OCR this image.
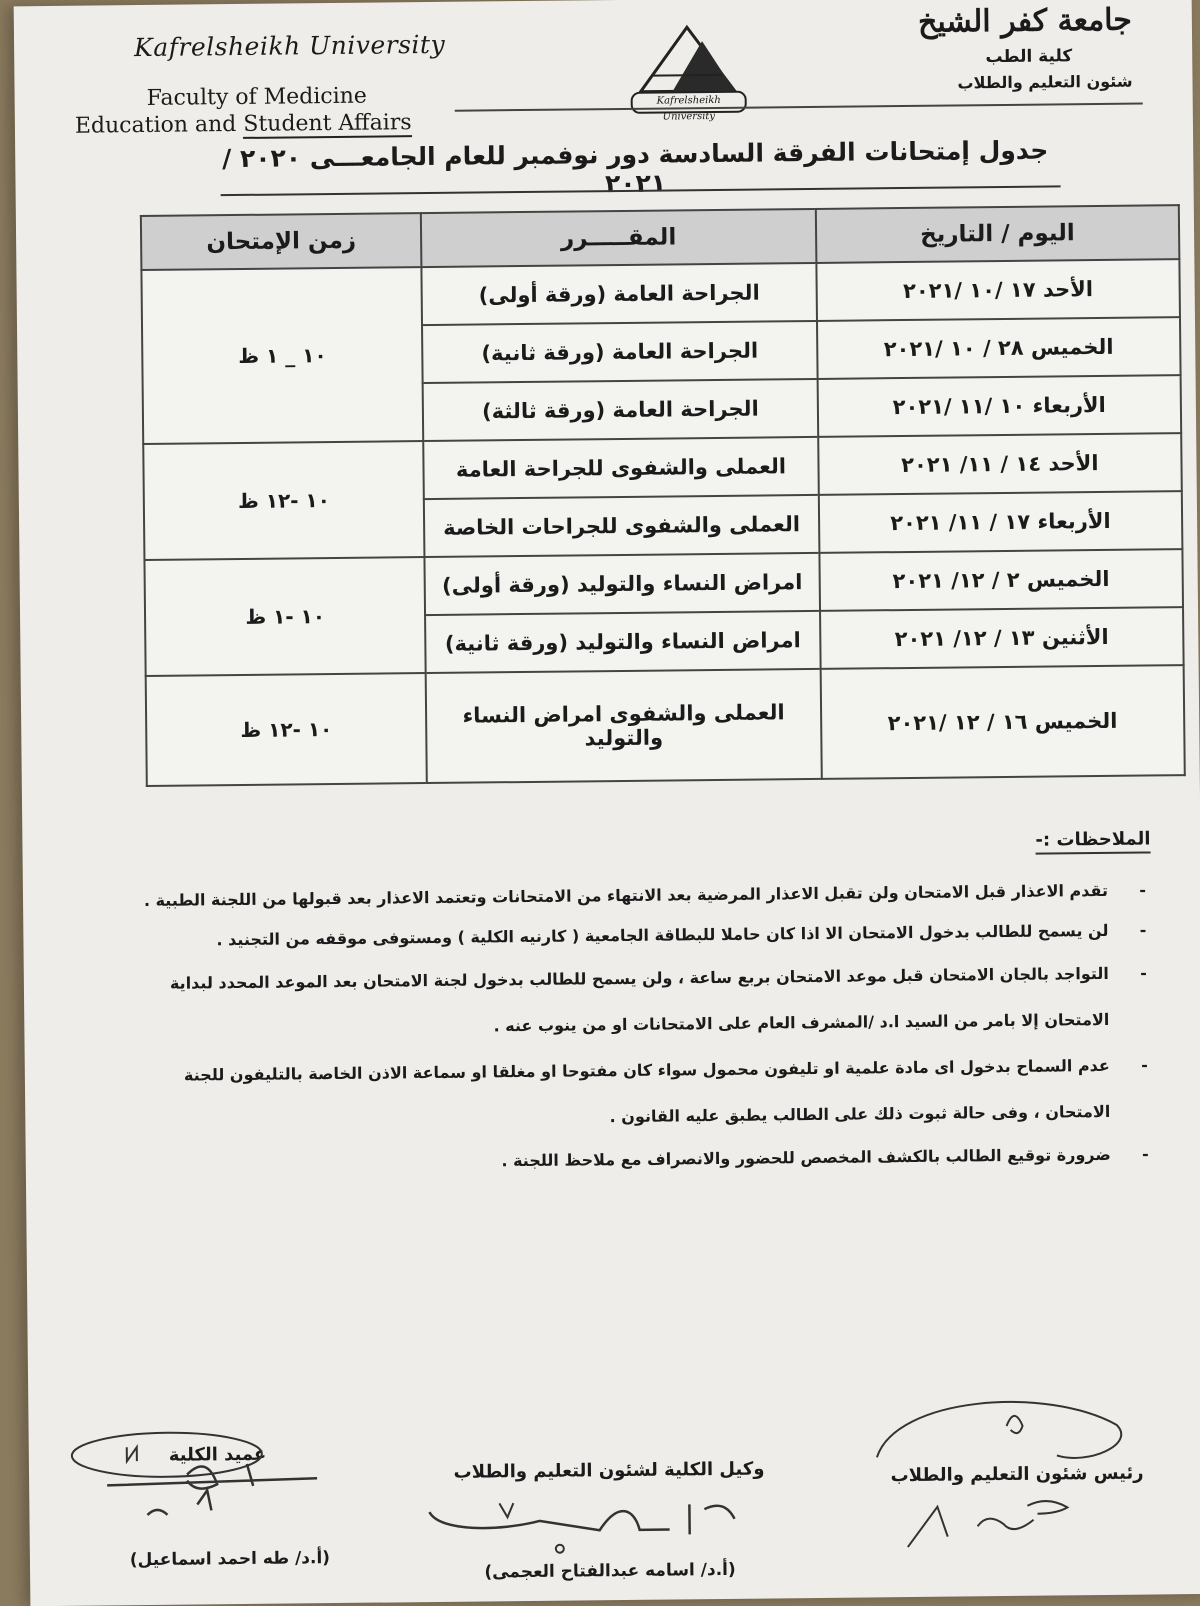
Kafrelsheikh University
Faculty of Medicine
Education and Student Affairs
Kafrelsheikh University
جامعة كفر الشيخ
كلية الطب
شئون التعليم والطلاب
جدول إمتحانات الفرقة السادسة دور نوفمبر للعام الجامعـــى ٢٠٢٠ / ٢٠٢١
اليوم / التاريخ	المقـــــرر	زمن الإمتحان
الأحد ١٧ /١٠ /٢٠٢١	الجراحة العامة (ورقة أولى)	١٠ _ ١ ظ
الخميس ٢٨ / ١٠ /٢٠٢١	الجراحة العامة (ورقة ثانية)	
الأربعاء ١٠ /١١ /٢٠٢١	الجراحة العامة (ورقة ثالثة)	
الأحد ١٤ / ١١/ ٢٠٢١	العملى والشفوى للجراحة العامة	١٠ -١٢ ظ
الأربعاء ١٧ / ١١/ ٢٠٢١	العملى والشفوى للجراحات الخاصة	
الخميس ٢ / ١٢/ ٢٠٢١	امراض النساء والتوليد (ورقة أولى)	١٠ -١ ظ
الأثنين ١٣ / ١٢/ ٢٠٢١	امراض النساء والتوليد (ورقة ثانية)	
الخميس ١٦ / ١٢ /٢٠٢١	العملى والشفوى امراض النساء والتوليد	١٠ -١٢ ظ
الملاحظات :-
-
تقدم الاعذار قبل الامتحان ولن تقبل الاعذار المرضية بعد الانتهاء من الامتحانات وتعتمد الاعذار بعد قبولها من اللجنة الطبية .
-
لن يسمح للطالب بدخول الامتحان الا اذا كان حاملا للبطاقة الجامعية ( كارنيه الكلية ) ومستوفى موقفه من التجنيد .
-
التواجد بالجان الامتحان قبل موعد الامتحان بربع ساعة ، ولن يسمح للطالب بدخول لجنة الامتحان بعد الموعد المحدد لبداية الامتحان إلا بامر من السيد ا.د /المشرف العام على الامتحانات او من ينوب عنه .
-
عدم السماح بدخول اى مادة علمية او تليفون محمول سواء كان مفتوحا او مغلقا او سماعة الاذن الخاصة بالتليفون للجنة الامتحان ، وفى حالة ثبوت ذلك على الطالب يطبق عليه القانون .
-
ضرورة توقيع الطالب بالكشف المخصص للحضور والانصراف مع ملاحظ اللجنة .
رئيس شئون التعليم والطلاب
وكيل الكلية لشئون التعليم والطلاب
(أ.د/ اسامه عبدالفتاح العجمى)
عميد الكلية
(أ.د/ طه احمد اسماعيل)
